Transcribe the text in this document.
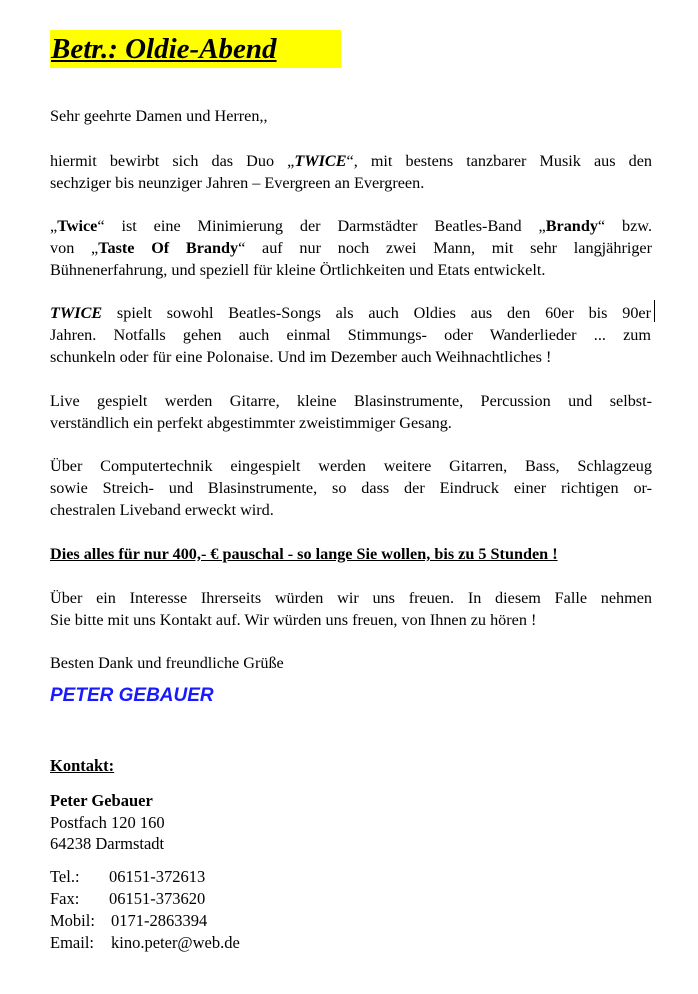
Betr.: Oldie-Abend
Sehr geehrte Damen und Herren,,
hiermit bewirbt sich das Duo „TWICE“, mit bestens tanzbarer Musik aus den
sechziger bis neunziger Jahren – Evergreen an Evergreen.
„Twice“ ist eine Minimierung der Darmstädter Beatles-Band „Brandy“ bzw.
von „Taste Of Brandy“ auf nur noch zwei Mann, mit sehr langjähriger
Bühnenerfahrung, und speziell für kleine Örtlichkeiten und Etats entwickelt.
TWICE spielt sowohl Beatles-Songs als auch Oldies aus den 60er bis 90er
Jahren. Notfalls gehen auch einmal Stimmungs- oder Wanderlieder ... zum
schunkeln oder für eine Polonaise. Und im Dezember auch Weihnachtliches !
Live gespielt werden Gitarre, kleine Blasinstrumente, Percussion und selbst-
verständlich ein perfekt abgestimmter zweistimmiger Gesang.
Über Computertechnik eingespielt werden weitere Gitarren, Bass, Schlagzeug
sowie Streich- und Blasinstrumente, so dass der Eindruck einer richtigen or-
chestralen Liveband erweckt wird.
Dies alles für nur 400,- € pauschal - so lange Sie wollen, bis zu 5 Stunden !
Über ein Interesse Ihrerseits würden wir uns freuen. In diesem Falle nehmen
Sie bitte mit uns Kontakt auf. Wir würden uns freuen, von Ihnen zu hören !
Besten Dank und freundliche Grüße
PETER GEBAUER
Kontakt:
Peter Gebauer
Postfach 120 160
64238 Darmstadt
Tel.:	06151-372613
Fax:	06151-373620
Mobil: 0171-2863394
Email:	kino.peter@web.de
